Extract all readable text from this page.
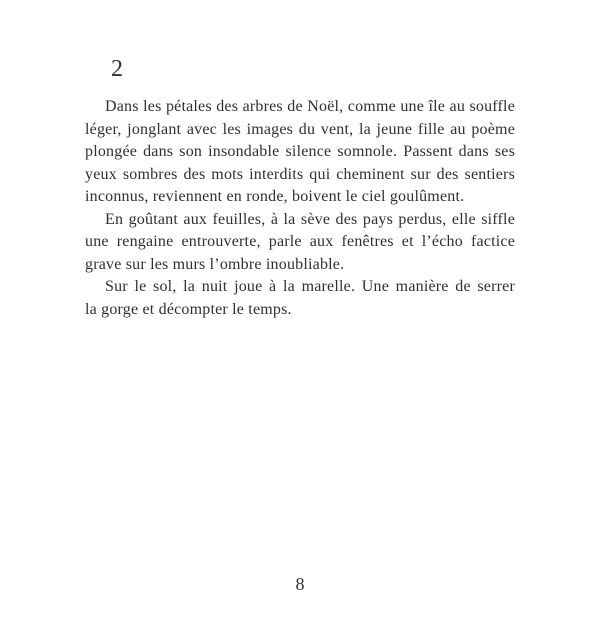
2
Dans les pétales des arbres de Noël, comme une île au souffle
léger, jonglant avec les images du vent, la jeune fille au poème
plongée dans son insondable silence somnole. Passent dans ses
yeux sombres des mots interdits qui cheminent sur des sentiers
inconnus, reviennent en ronde, boivent le ciel goulûment.
En goûtant aux feuilles, à la sève des pays perdus, elle siffle
une rengaine entrouverte, parle aux fenêtres et l’écho factice
grave sur les murs l’ombre inoubliable.
Sur le sol, la nuit joue à la marelle. Une manière de serrer
la gorge et décompter le temps.
8
